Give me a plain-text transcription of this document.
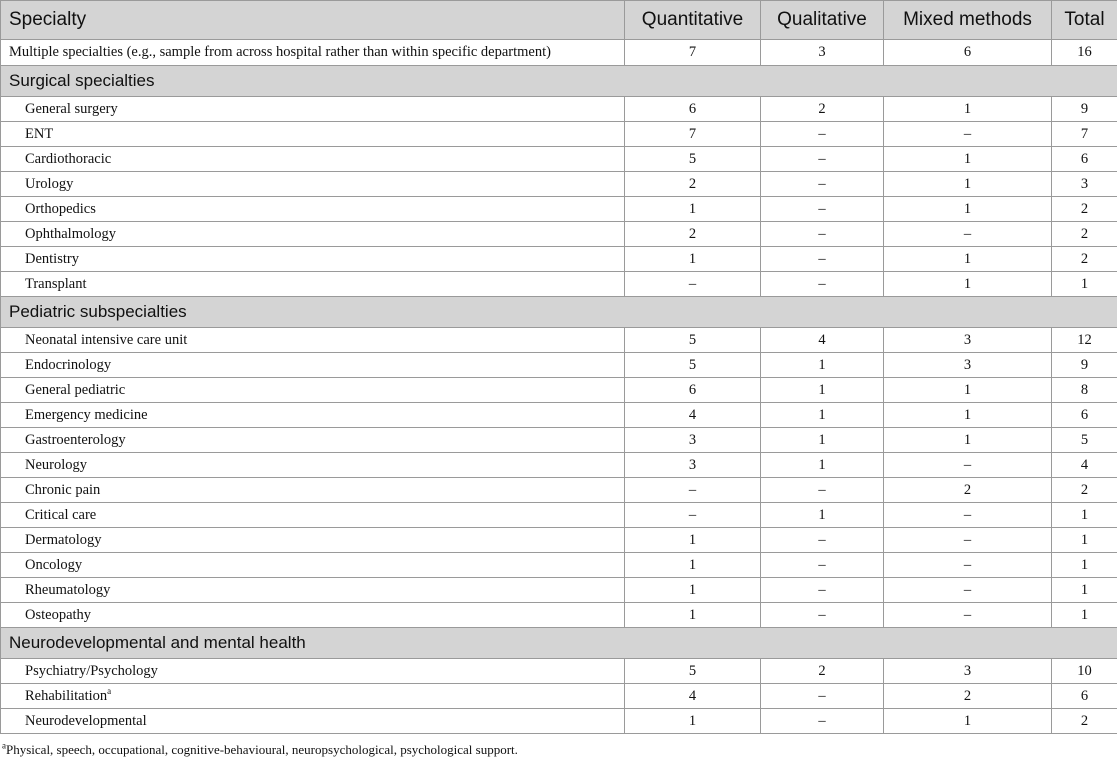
Specialty	Quantitative	Qualitative	Mixed methods	Total
Multiple specialties (e.g., sample from across hospital rather than within specific department)	7	3	6	16
Surgical specialties				
General surgery	6	2	1	9
ENT	7	–	–	7
Cardiothoracic	5	–	1	6
Urology	2	–	1	3
Orthopedics	1	–	1	2
Ophthalmology	2	–	–	2
Dentistry	1	–	1	2
Transplant	–	–	1	1
Pediatric subspecialties				
Neonatal intensive care unit	5	4	3	12
Endocrinology	5	1	3	9
General pediatric	6	1	1	8
Emergency medicine	4	1	1	6
Gastroenterology	3	1	1	5
Neurology	3	1	–	4
Chronic pain	–	–	2	2
Critical care	–	1	–	1
Dermatology	1	–	–	1
Oncology	1	–	–	1
Rheumatology	1	–	–	1
Osteopathy	1	–	–	1
Neurodevelopmental and mental health				
Psychiatry/Psychology	5	2	3	10
Rehabilitation$^a$	4	–	2	6
Neurodevelopmental	1	–	1	2
$^a$Physical, speech, occupational, cognitive-behavioural, neuropsychological, psychological support.
